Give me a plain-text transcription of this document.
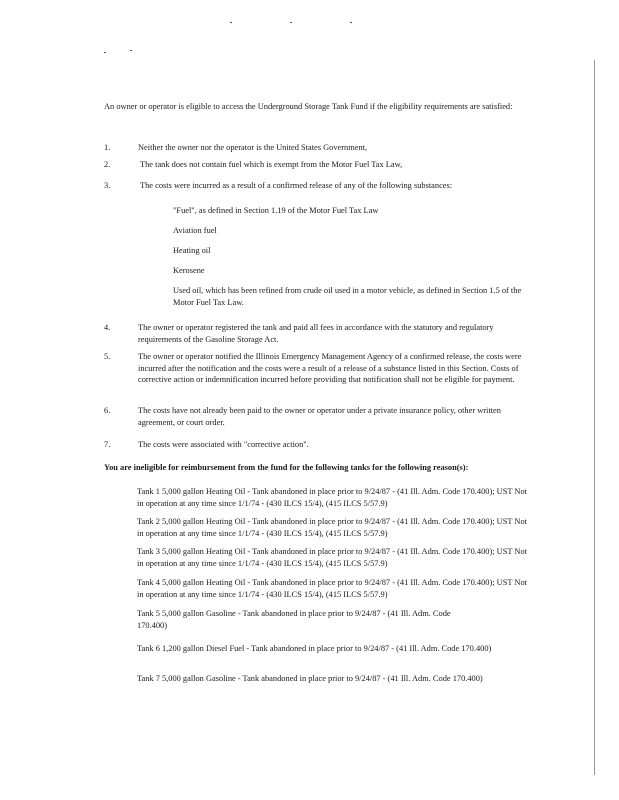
An owner or operator is eligible to access the Underground Storage Tank Fund if the eligibility requirements are satisfied:
1.	Neither the owner nor the operator is the United States Government,
2.	The tank does not contain fuel which is exempt from the Motor Fuel Tax Law,
3.	The costs were incurred as a result of a confirmed release of any of the following substances:
"Fuel", as defined in Section 1.19 of the Motor Fuel Tax Law
Aviation fuel
Heating oil
Kerosene
Used oil, which has been refined from crude oil used in a motor vehicle, as defined in Section 1.5 of the Motor Fuel Tax Law.
4.	The owner or operator registered the tank and paid all fees in accordance with the statutory and regulatory requirements of the Gasoline Storage Act.
5.	The owner or operator notified the Illinois Emergency Management Agency of a confirmed release, the costs were incurred after the notification and the costs were a result of a release of a substance listed in this Section. Costs of corrective action or indemnification incurred before providing that notification shall not be eligible for payment.
6.	The costs have not already been paid to the owner or operator under a private insurance policy, other written agreement, or court order.
7.	The costs were associated with "corrective action".
You are ineligible for reimbursement from the fund for the following tanks for the following reason(s):
Tank 1 5,000 gallon Heating Oil - Tank abandoned in place prior to 9/24/87 - (41 Ill. Adm. Code 170.400); UST Not in operation at any time since 1/1/74 - (430 ILCS 15/4), (415 ILCS 5/57.9)
Tank 2 5,000 gallon Heating Oil - Tank abandoned in place prior to 9/24/87 - (41 Ill. Adm. Code 170.400); UST Not in operation at any time since 1/1/74 - (430 ILCS 15/4), (415 ILCS 5/57.9)
Tank 3 5,000 gallon Heating Oil - Tank abandoned in place prior to 9/24/87 - (41 Ill. Adm. Code 170.400); UST Not in operation at any time since 1/1/74 - (430 ILCS 15/4), (415 ILCS 5/57.9)
Tank 4 5,000 gallon Heating Oil - Tank abandoned in place prior to 9/24/87 - (41 Ill. Adm. Code 170.400); UST Not in operation at any time since 1/1/74 - (430 ILCS 15/4), (415 ILCS 5/57.9)
Tank 5 5,000 gallon Gasoline - Tank abandoned in place prior to 9/24/87 - (41 Ill. Adm. Code 170.400)
Tank 6 1,200 gallon Diesel Fuel - Tank abandoned in place prior to 9/24/87 - (41 Ill. Adm. Code 170.400)
Tank 7 5,000 gallon Gasoline - Tank abandoned in place prior to 9/24/87 - (41 Ill. Adm. Code 170.400)
